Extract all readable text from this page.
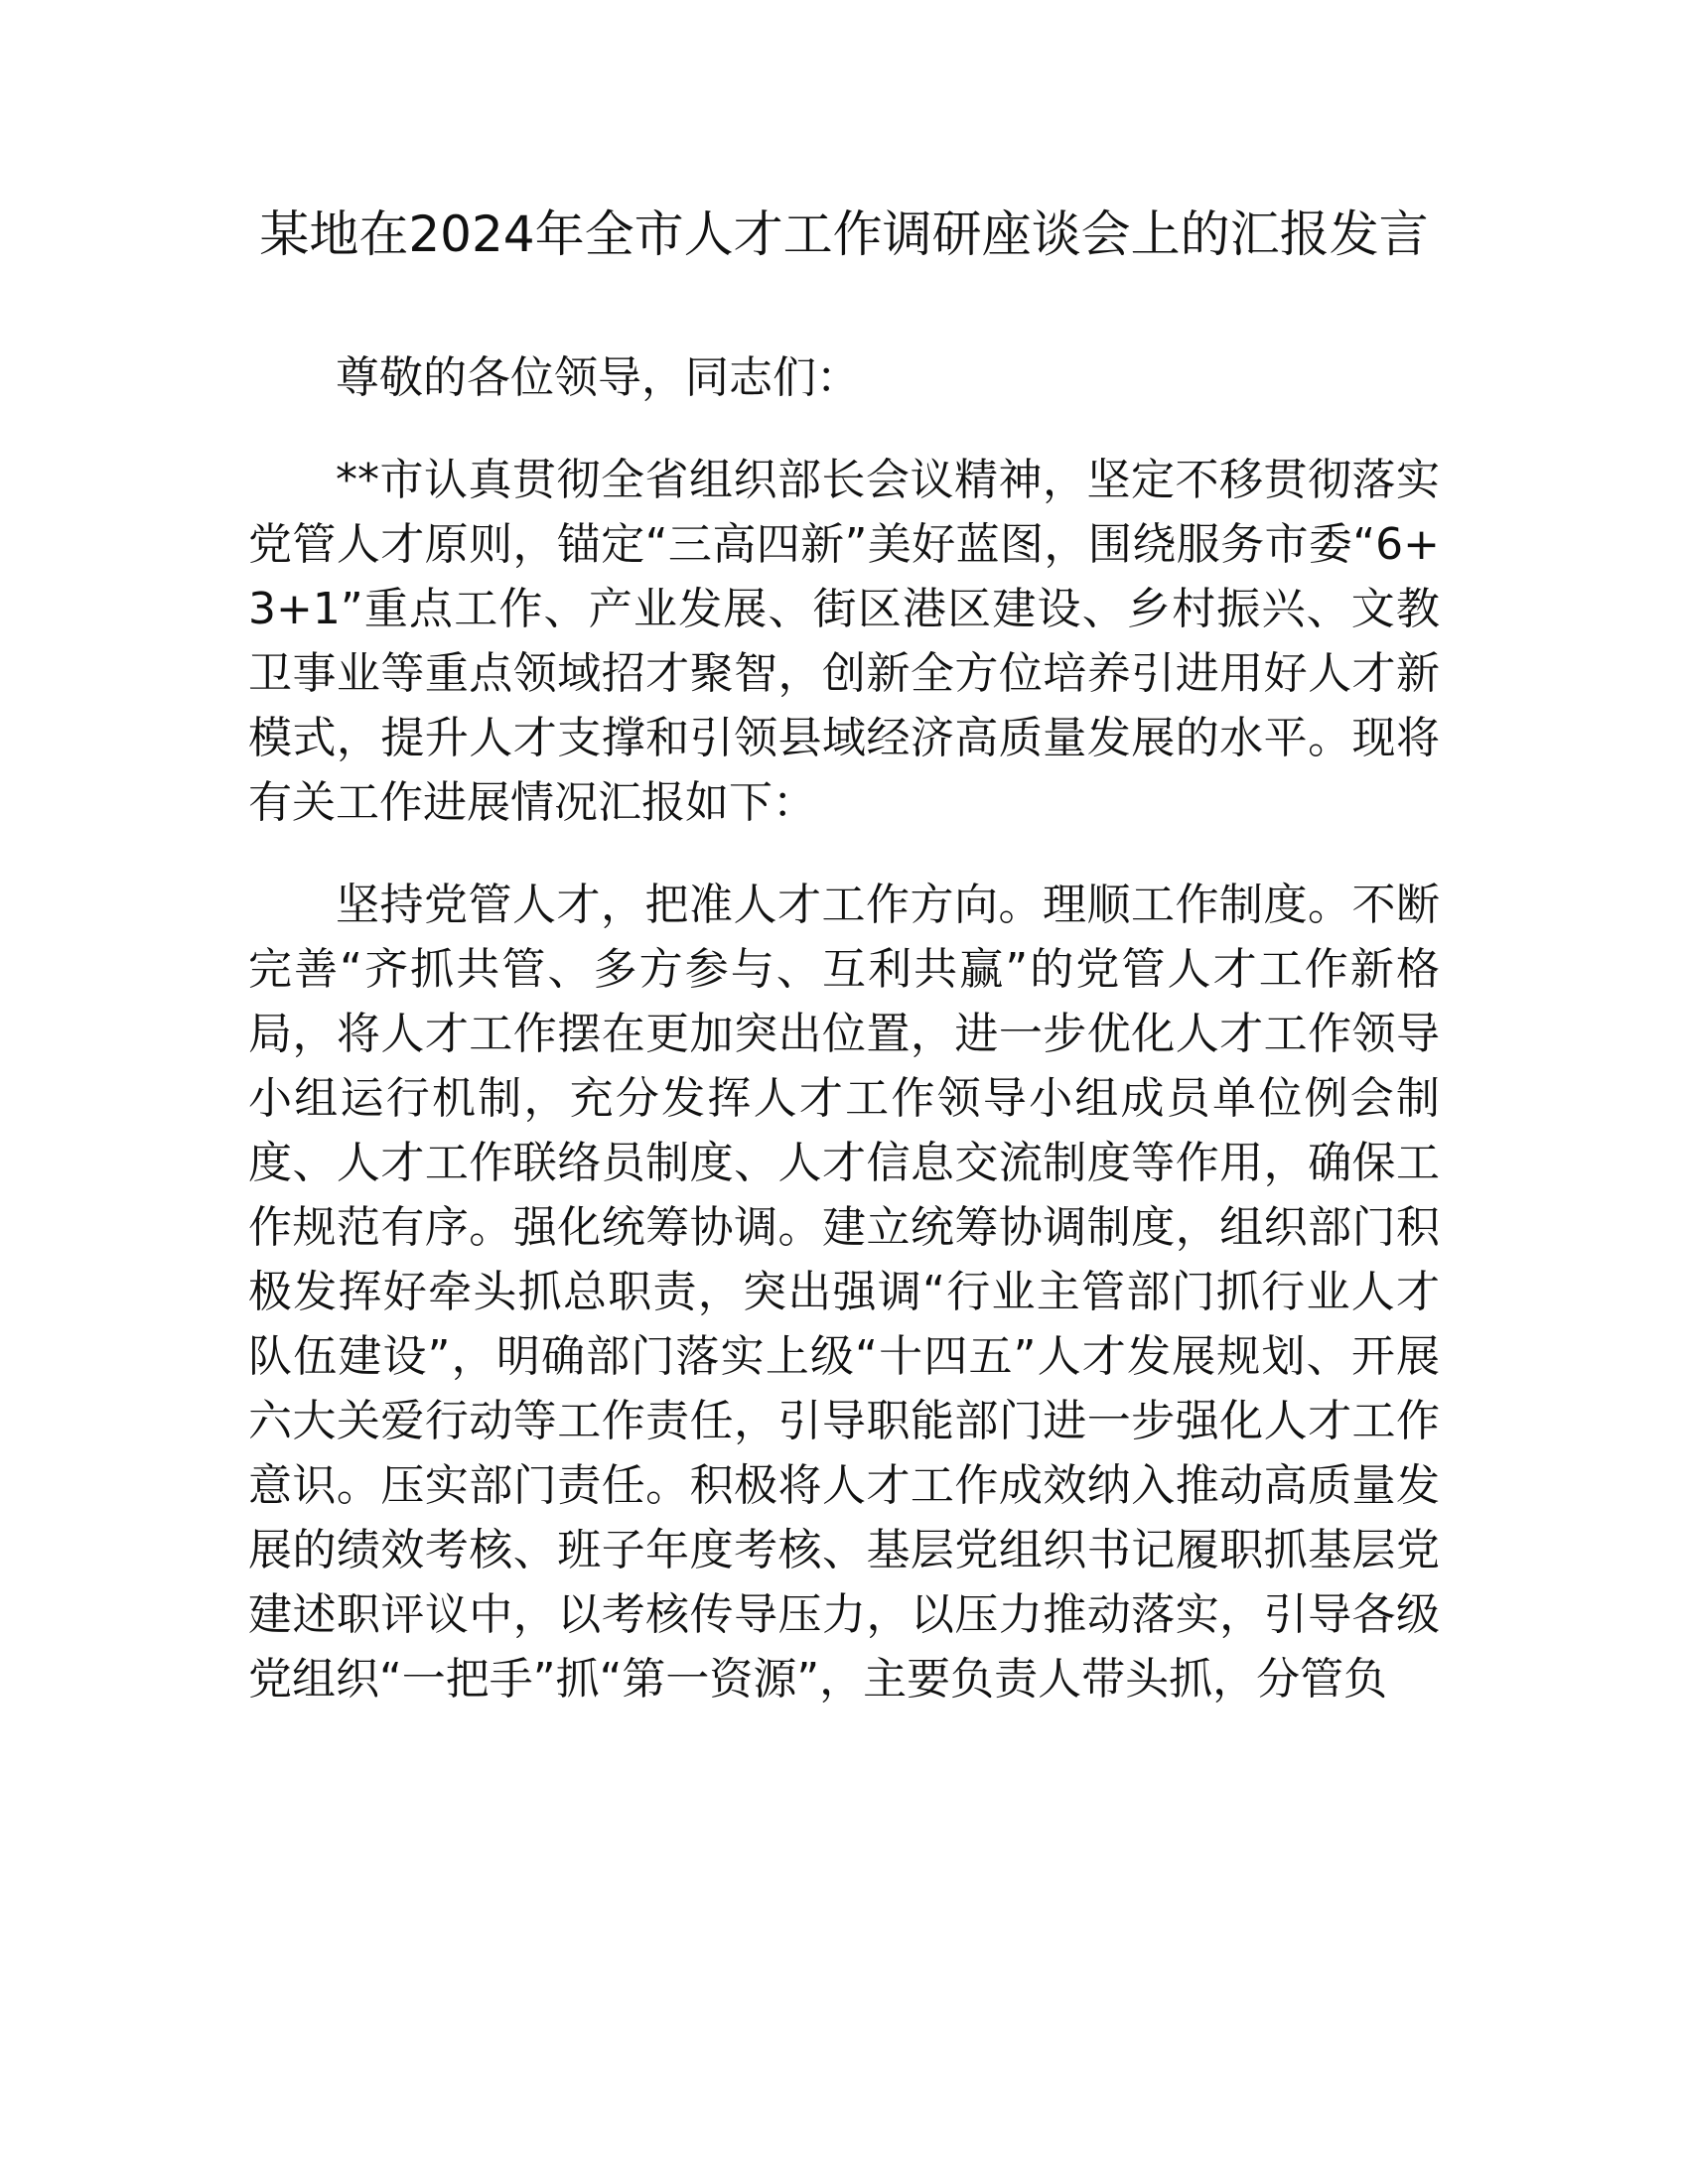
某地在2024年全市人才工作调研座谈会上的汇报发言

尊敬的各位领导，同志们：

**市认真贯彻全省组织部长会议精神，坚定不移贯彻落实党管人才原则，锚定“三高四新”美好蓝图，围绕服务市委“6+3+1”重点工作、产业发展、街区港区建设、乡村振兴、文教卫事业等重点领域招才聚智，创新全方位培养引进用好人才新模式，提升人才支撑和引领县域经济高质量发展的水平。现将有关工作进展情况汇报如下：

坚持党管人才，把准人才工作方向。理顺工作制度。不断完善“齐抓共管、多方参与、互利共赢”的党管人才工作新格局，将人才工作摆在更加突出位置，进一步优化人才工作领导小组运行机制，充分发挥人才工作领导小组成员单位例会制度、人才工作联络员制度、人才信息交流制度等作用，确保工作规范有序。强化统筹协调。建立统筹协调制度，组织部门积极发挥好牵头抓总职责，突出强调“行业主管部门抓行业人才队伍建设”，明确部门落实上级“十四五”人才发展规划、开展六大关爱行动等工作责任，引导职能部门进一步强化人才工作意识。压实部门责任。积极将人才工作成效纳入推动高质量发展的绩效考核、班子年度考核、基层党组织书记履职抓基层党建述职评议中，以考核传导压力，以压力推动落实，引导各级党组织“一把手”抓“第一资源”，主要负责人带头抓，分管负
